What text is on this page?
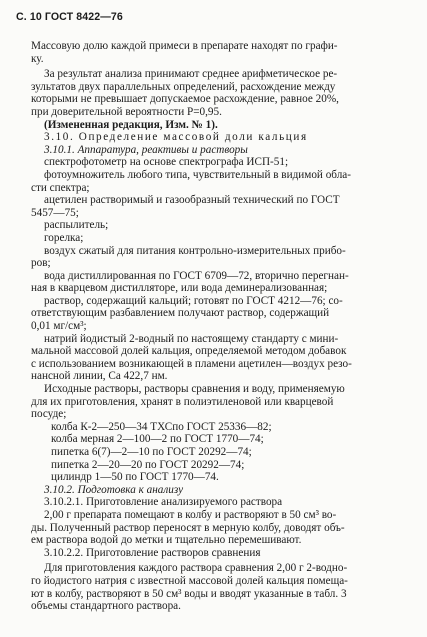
С. 10 ГОСТ 8422—76
Массовую долю каждой примеси в препарате находят по графи-
ку.
За результат анализа принимают среднее арифметическое ре-
зультатов двух параллельных определений, расхождение между
которыми не превышает допускаемое расхождение, равное 20%,
при доверительной вероятности P=0,95.
(Измененная редакция, Изм. № 1).
3.10. Определение массовой доли кальция
3.10.1. Аппаратура, реактивы и растворы
спектрофотометр на основе спектрографа ИСП-51;
фотоумножитель любого типа, чувствительный в видимой обла-
сти спектра;
ацетилен растворимый и газообразный технический по ГОСТ
5457—75;
распылитель;
горелка;
воздух сжатый для питания контрольно-измерительных прибо-
ров;
вода дистиллированная по ГОСТ 6709—72, вторично перегнан-
ная в кварцевом дистилляторе, или вода деминерализованная;
раствор, содержащий кальций; готовят по ГОСТ 4212—76; со-
ответствующим разбавлением получают раствор, содержащий
0,01 мг/см³;
натрий йодистый 2-водный по настоящему стандарту с мини-
мальной массовой долей кальция, определяемой методом добавок
с использованием возникающей в пламени ацетилен—воздух резо-
нансной линии, Ca 422,7 нм.
Исходные растворы, растворы сравнения и воду, применяемую
для их приготовления, хранят в полиэтиленовой или кварцевой
посуде;
колба К-2—250—34 ТХСпо ГОСТ 25336—82;
колба мерная 2—100—2 по ГОСТ 1770—74;
пипетка 6(7)—2—10 по ГОСТ 20292—74;
пипетка 2—20—20 по ГОСТ 20292—74;
цилиндр 1—50 по ГОСТ 1770—74.
3.10.2. Подготовка к анализу
3.10.2.1. Приготовление анализируемого раствора
2,00 г препарата помещают в колбу и растворяют в 50 см³ во-
ды. Полученный раствор переносят в мерную колбу, доводят объ-
ем раствора водой до метки и тщательно перемешивают.
3.10.2.2. Приготовление растворов сравнения
Для приготовления каждого раствора сравнения 2,00 г 2-водно-
го йодистого натрия с известной массовой долей кальция помеща-
ют в колбу, растворяют в 50 см³ воды и вводят указанные в табл. 3
объемы стандартного раствора.
